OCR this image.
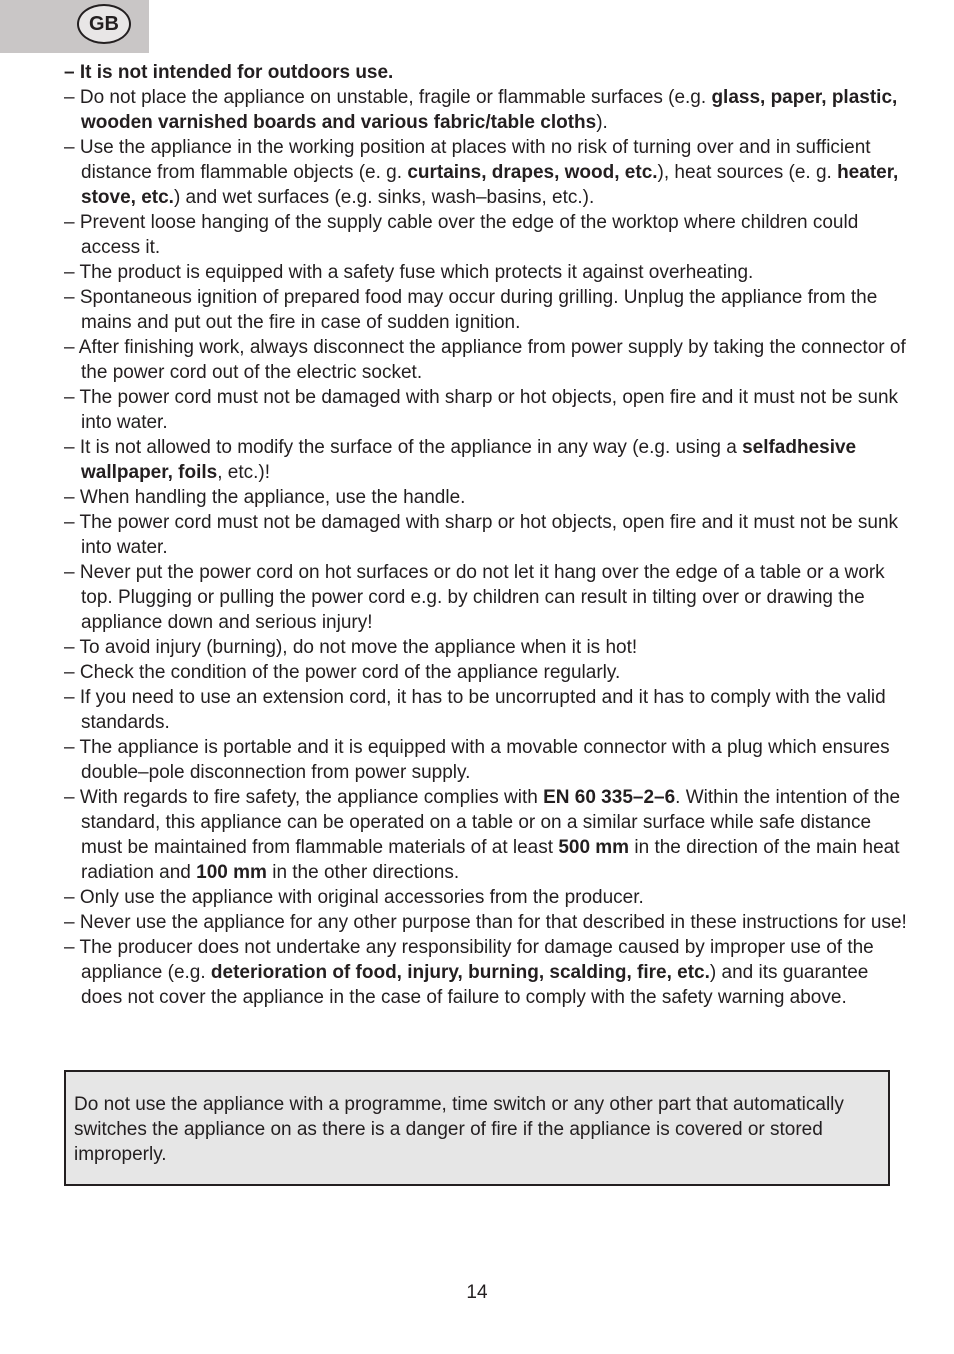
GB

– It is not intended for outdoors use.

– Do not place the appliance on unstable, fragile or flammable surfaces (e.g. glass, paper, plastic, wooden varnished boards and various fabric/table cloths).

– Use the appliance in the working position at places with no risk of turning over and in sufficient distance from flammable objects (e. g. curtains, drapes, wood, etc.), heat sources (e. g. heater, stove, etc.) and wet surfaces (e.g. sinks, wash–basins, etc.).

– Prevent loose hanging of the supply cable over the edge of the worktop where children could access it.

– The product is equipped with a safety fuse which protects it against overheating.

– Spontaneous ignition of prepared food may occur during grilling. Unplug the appliance from the mains and put out the fire in case of sudden ignition.

– After finishing work, always disconnect the appliance from power supply by taking the connector of the power cord out of the electric socket.

– The power cord must not be damaged with sharp or hot objects, open fire and it must not be sunk into water.

– It is not allowed to modify the surface of the appliance in any way (e.g. using a selfadhesive wallpaper, foils, etc.)!

– When handling the appliance, use the handle.

– The power cord must not be damaged with sharp or hot objects, open fire and it must not be sunk into water.

– Never put the power cord on hot surfaces or do not let it hang over the edge of a table or a work top. Plugging or pulling the power cord e.g. by children can result in tilting over or drawing the appliance down and serious injury!

– To avoid injury (burning), do not move the appliance when it is hot!

– Check the condition of the power cord of the appliance regularly.

– If you need to use an extension cord, it has to be uncorrupted and it has to comply with the valid standards.

– The appliance is portable and it is equipped with a movable connector with a plug which ensures double–pole disconnection from power supply.

– With regards to fire safety, the appliance complies with EN 60 335–2–6. Within the intention of the standard, this appliance can be operated on a table or on a similar surface while safe distance must be maintained from flammable materials of at least 500 mm in the direction of the main heat radiation and 100 mm in the other directions.

– Only use the appliance with original accessories from the producer.

– Never use the appliance for any other purpose than for that described in these instructions for use!

– The producer does not undertake any responsibility for damage caused by improper use of the appliance (e.g. deterioration of food, injury, burning, scalding, fire, etc.) and its guarantee does not cover the appliance in the case of failure to comply with the safety warning above.

Do not use the appliance with a programme, time switch or any other part that automatically switches the appliance on as there is a danger of fire if the appliance is covered or stored improperly.
14
